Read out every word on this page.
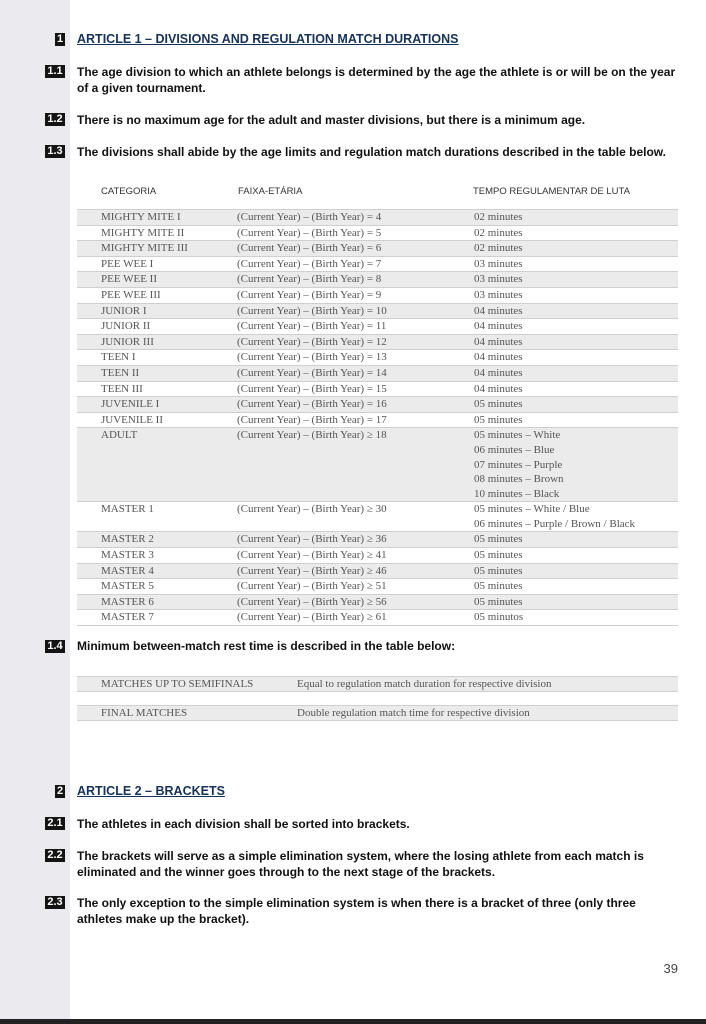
1 ARTICLE 1 – DIVISIONS AND REGULATION MATCH DURATIONS
1.1 The age division to which an athlete belongs is determined by the age the athlete is or will be on the year of a given tournament.
1.2 There is no maximum age for the adult and master divisions, but there is a minimum age.
1.3 The divisions shall abide by the age limits and regulation match durations described in the table below.
CATEGORIA	FAIXA-ETÁRIA	TEMPO REGULAMENTAR DE LUTA
MIGHTY MITE I	(Current Year) – (Birth Year) = 4	02 minutes
MIGHTY MITE II	(Current Year) – (Birth Year) = 5	02 minutes
MIGHTY MITE III	(Current Year) – (Birth Year) = 6	02 minutes
PEE WEE I	(Current Year) – (Birth Year) = 7	03 minutes
PEE WEE II	(Current Year) – (Birth Year) = 8	03 minutes
PEE WEE III	(Current Year) – (Birth Year) = 9	03 minutes
JUNIOR I	(Current Year) – (Birth Year) = 10	04 minutes
JUNIOR II	(Current Year) – (Birth Year) = 11	04 minutes
JUNIOR III	(Current Year) – (Birth Year) = 12	04 minutes
TEEN I	(Current Year) – (Birth Year) = 13	04 minutes
TEEN II	(Current Year) – (Birth Year) = 14	04 minutes
TEEN III	(Current Year) – (Birth Year) = 15	04 minutes
JUVENILE I	(Current Year) – (Birth Year) = 16	05 minutes
JUVENILE II	(Current Year) – (Birth Year) = 17	05 minutes
ADULT	(Current Year) – (Birth Year) ≥ 18	05 minutes – White
06 minutes – Blue
07 minutes – Purple
08 minutes – Brown
10 minutes – Black
MASTER 1	(Current Year) – (Birth Year) ≥ 30	05 minutes – White / Blue
06 minutes – Purple / Brown / Black
MASTER 2	(Current Year) – (Birth Year) ≥ 36	05 minutes
MASTER 3	(Current Year) – (Birth Year) ≥ 41	05 minutes
MASTER 4	(Current Year) – (Birth Year) ≥ 46	05 minutes
MASTER 5	(Current Year) – (Birth Year) ≥ 51	05 minutes
MASTER 6	(Current Year) – (Birth Year) ≥ 56	05 minutes
MASTER 7	(Current Year) – (Birth Year) ≥ 61	05 minutos
1.4 Minimum between-match rest time is described in the table below:
MATCHES UP TO SEMIFINALS	Equal to regulation match duration for respective division
FINAL MATCHES	Double regulation match time for respective division
2 ARTICLE 2 – BRACKETS
2.1 The athletes in each division shall be sorted into brackets.
2.2 The brackets will serve as a simple elimination system, where the losing athlete from each match is eliminated and the winner goes through to the next stage of the brackets.
2.3 The only exception to the simple elimination system is when there is a bracket of three (only three athletes make up the bracket).
39
